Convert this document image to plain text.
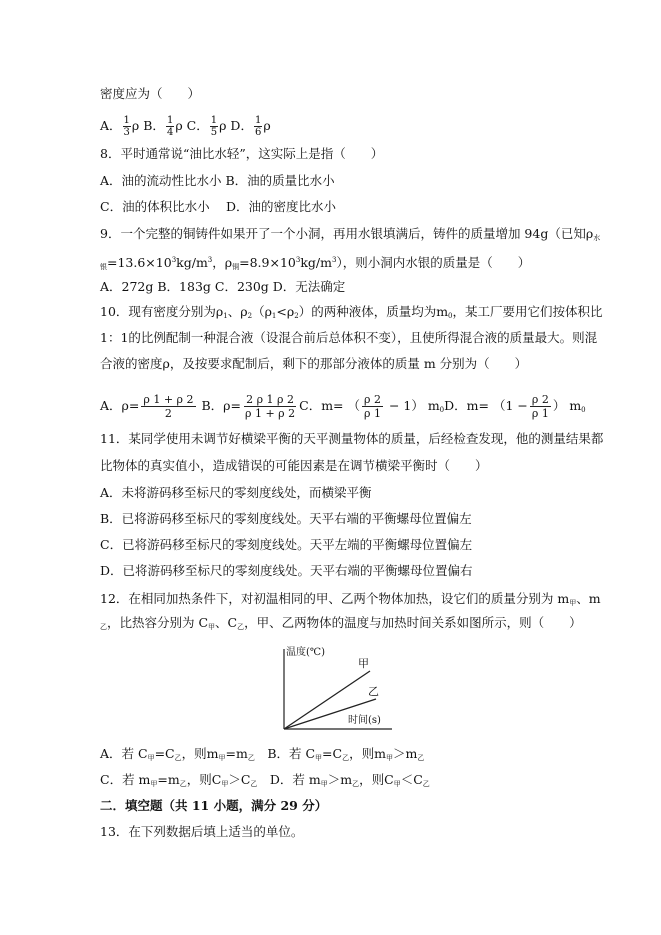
密度应为（　　）
A． $\frac{1}{3}$ ρ B． $\frac{1}{4}$ ρ C． $\frac{1}{5}$ ρ D． $\frac{1}{6}$ ρ
8．平时通常说“油比水轻”，这实际上是指（　　）
A．油的流动性比水小 B．油的质量比水小
C．油的体积比水小　 D．油的密度比水小
9．一个完整的铜铸件如果开了一个小洞，再用水银填满后，铸件的质量增加 94g（已知$\rho_水$
$_银=13.6\times 10^3kg/m^3$，$\rho_铜=8.9\times 10^3kg/m^3$），则小洞内水银的质量是（　　）
A．272g B．183g C．230g D．无法确定
10．现有密度分别为$\rho_1$、$\rho_2(\rho_1<\rho_2)$的两种液体，质量均为$m_0$，某工厂要用它们按体积比
1：1的比例配制一种混合液（设混合前后总体积不变），且使所得混合液的质量最大。则混
合液的密度ρ，及按要求配制后，剩下的那部分液体的质量 m 分别为（　　）
A．$\rho= \frac{\rho 1 + \rho 2}{2}$ B．$\rho= \frac{2 \rho 1 \rho 2}{\rho 1 + \rho 2}$ C．m= （ $\frac{\rho 2}{\rho 1} - 1$） $m_0D$．$m= (1 - \frac{\rho 2}{\rho 1}$ ） $m_0$
11．某同学使用未调节好横梁平衡的天平测量物体的质量，后经检查发现，他的测量结果都
比物体的真实值小，造成错误的可能因素是在调节横梁平衡时（　　）
A．未将游码移至标尺的零刻度线处，而横梁平衡
B．已将游码移至标尺的零刻度线处。天平右端的平衡螺母位置偏左
C．已将游码移至标尺的零刻度线处。天平左端的平衡螺母位置偏左
D．已将游码移至标尺的零刻度线处。天平右端的平衡螺母位置偏右
12．在相同加热条件下，对初温相同的甲、乙两个物体加热，设它们的质量分别为 $m_甲$、m
$_乙$，比热容分别为 $C_甲$、$C_乙$，甲、乙两物体的温度与加热时间关系如图所示，则（　　）
温度(℃)
时间(s)
甲
乙
A．若 $C_甲=C_乙$，则$m_甲=m_乙$　B．若 $C_甲=C_乙$，则$m_甲>m_乙$
C．若 $m_甲=m_乙$，则$C_甲>C_乙$　D．若 $m_甲>m_乙$，则$C_甲<C_乙$
二．填空题（共 11 小题，满分 29 分）
13．在下列数据后填上适当的单位。
